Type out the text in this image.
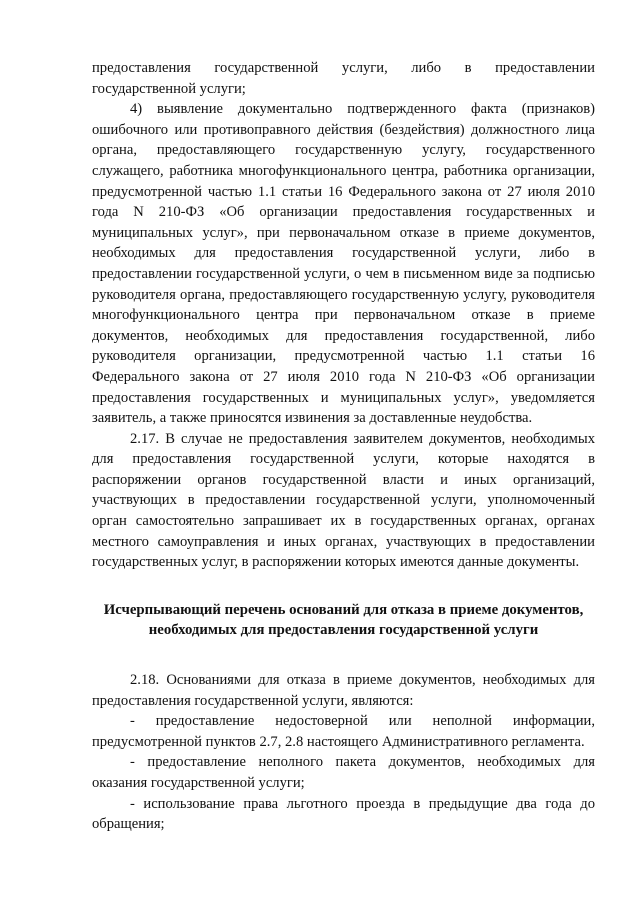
предоставления государственной услуги, либо в предоставлении государственной услуги;

4) выявление документально подтвержденного факта (признаков) ошибочного или противоправного действия (бездействия) должностного лица органа, предоставляющего государственную услугу, государственного служащего, работника многофункционального центра, работника организации, предусмотренной частью 1.1 статьи 16 Федерального закона от 27 июля 2010 года N 210-ФЗ «Об организации предоставления государственных и муниципальных услуг», при первоначальном отказе в приеме документов, необходимых для предоставления государственной услуги, либо в предоставлении государственной услуги, о чем в письменном виде за подписью руководителя органа, предоставляющего государственную услугу, руководителя многофункционального центра при первоначальном отказе в приеме документов, необходимых для предоставления государственной, либо руководителя организации, предусмотренной частью 1.1 статьи 16 Федерального закона от 27 июля 2010 года N 210-ФЗ «Об организации предоставления государственных и муниципальных услуг», уведомляется заявитель, а также приносятся извинения за доставленные неудобства.

2.17. В случае не предоставления заявителем документов, необходимых для предоставления государственной услуги, которые находятся в распоряжении органов государственной власти и иных организаций, участвующих в предоставлении государственной услуги, уполномоченный орган самостоятельно запрашивает их в государственных органах, органах местного самоуправления и иных органах, участвующих в предоставлении государственных услуг, в распоряжении которых имеются данные документы.

Исчерпывающий перечень оснований для отказа в приеме документов,
необходимых для предоставления государственной услуги

2.18. Основаниями для отказа в приеме документов, необходимых для предоставления государственной услуги, являются:

- предоставление недостоверной или неполной информации, предусмотренной пунктов 2.7, 2.8 настоящего Административного регламента.

- предоставление неполного пакета документов, необходимых для оказания государственной услуги;

- использование права льготного проезда в предыдущие два года до обращения;
